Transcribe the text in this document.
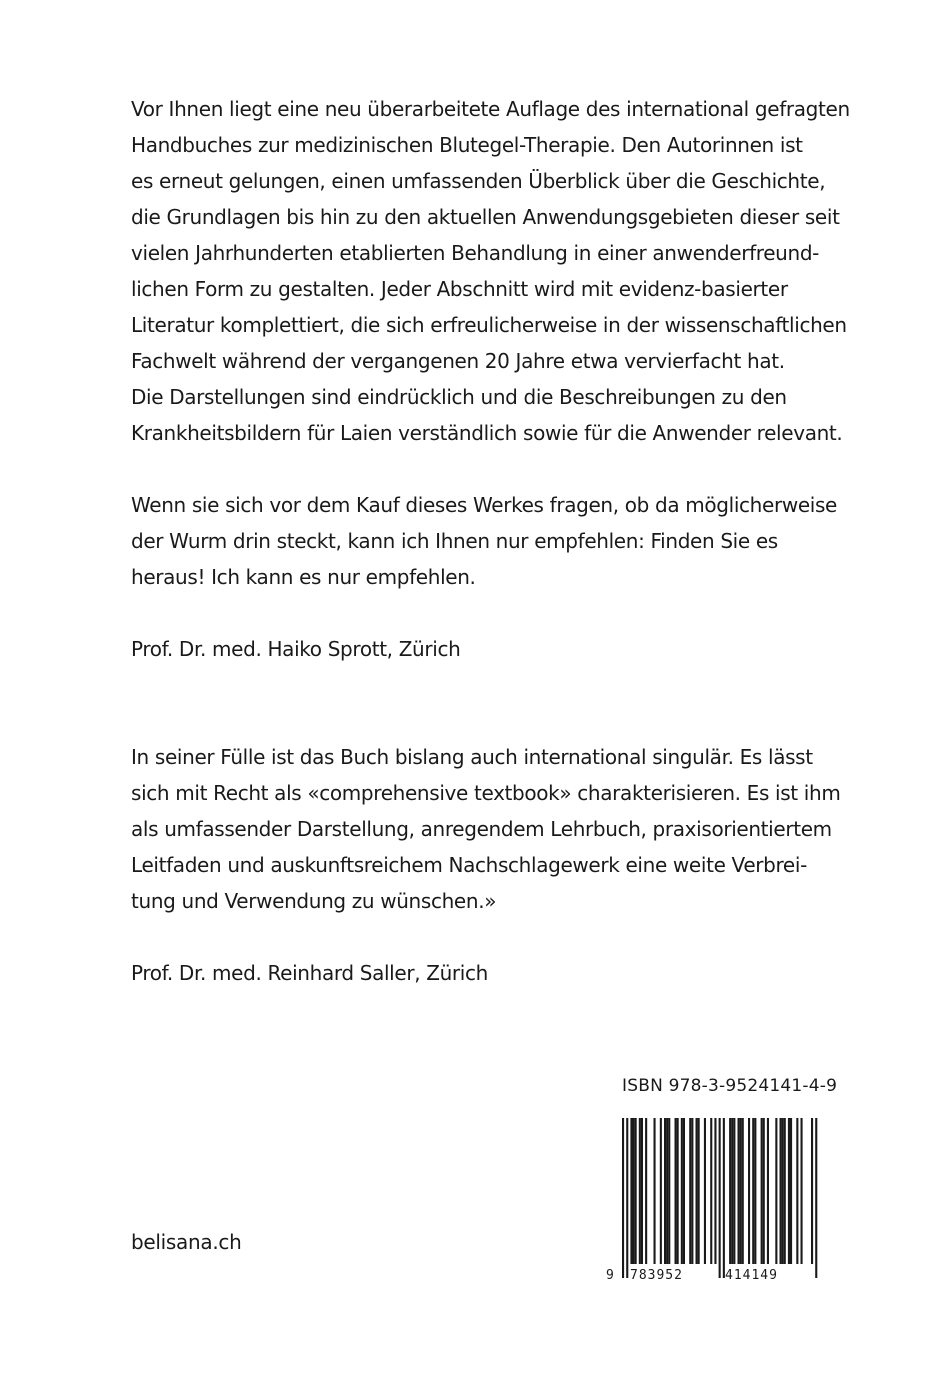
Vor Ihnen liegt eine neu überarbeitete Auflage des international gefragten
Handbuches zur medizinischen Blutegel-Therapie. Den Autorinnen ist
es erneut gelungen, einen umfassenden Überblick über die Geschichte,
die Grundlagen bis hin zu den aktuellen Anwendungsgebieten dieser seit
vielen Jahrhunderten etablierten Behandlung in einer anwenderfreund-
lichen Form zu gestalten. Jeder Abschnitt wird mit evidenz-basierter
Literatur komplettiert, die sich erfreulicherweise in der wissenschaftlichen
Fachwelt während der vergangenen 20 Jahre etwa vervierfacht hat.
Die Darstellungen sind eindrücklich und die Beschreibungen zu den
Krankheitsbildern für Laien verständlich sowie für die Anwender relevant.
Wenn sie sich vor dem Kauf dieses Werkes fragen, ob da möglicherweise
der Wurm drin steckt, kann ich Ihnen nur empfehlen: Finden Sie es
heraus! Ich kann es nur empfehlen.
Prof. Dr. med. Haiko Sprott, Zürich
In seiner Fülle ist das Buch bislang auch international singulär. Es lässt
sich mit Recht als «comprehensive textbook» charakterisieren. Es ist ihm
als umfassender Darstellung, anregendem Lehrbuch, praxisorientiertem
Leitfaden und auskunftsreichem Nachschlagewerk eine weite Verbrei-
tung und Verwendung zu wünschen.»
Prof. Dr. med. Reinhard Saller, Zürich
ISBN 978-3-9524141-4-9
belisana.ch
9 783952	414149
